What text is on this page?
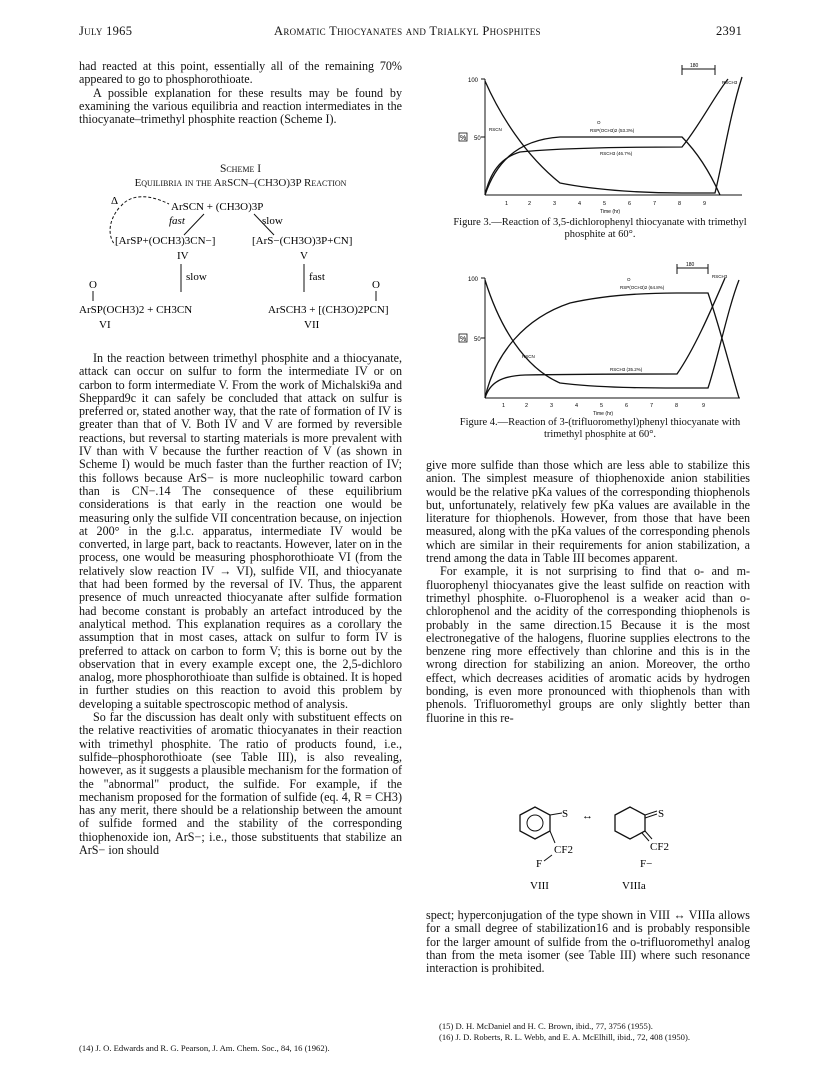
July 1965	Aromatic Thiocyanates and Trialkyl Phosphites	2391

had reacted at this point, essentially all of the remaining 70% appeared to go to phosphorothioate.

A possible explanation for these results may be found by examining the various equilibria and reaction intermediates in the thiocyanate–trimethyl phosphite reaction (Scheme I).

Scheme I
Equilibria in the ArSCN–(CH3O)3P Reaction
Δ	ArSCN + (CH3O)3P
fast	slow
[ArSP+(OCH3)3CN−]	[ArS−(CH3O)3P+CN]
IV	V
slow	fast
O	O
ArSP(OCH3)2 + CH3CN	ArSCH3 + [(CH3O)2PCN]
VI	VII

In the reaction between trimethyl phosphite and a thiocyanate, attack can occur on sulfur to form the intermediate IV or on carbon to form intermediate V. From the work of Michalski9a and Sheppard9c it can safely be concluded that attack on sulfur is preferred or, stated another way, that the rate of formation of IV is greater than that of V. Both IV and V are formed by reversible reactions, but reversal to starting materials is more prevalent with IV than with V because the further reaction of V (as shown in Scheme I) would be much faster than the further reaction of IV; this follows because ArS− is more nucleophilic toward carbon than is CN−.14 The consequence of these equilibrium considerations is that early in the reaction one would be measuring only the sulfide VII concentration because, on injection at 200° in the g.l.c. apparatus, intermediate IV would be converted, in large part, back to reactants. However, later on in the process, one would be measuring phosphorothioate VI (from the relatively slow reaction IV → VI), sulfide VII, and thiocyanate that had been formed by the reversal of IV. Thus, the apparent presence of much unreacted thiocyanate after sulfide formation had become constant is probably an artefact introduced by the analytical method. This explanation requires as a corollary the assumption that in most cases, attack on sulfur to form IV is preferred to attack on carbon to form V; this is borne out by the observation that in every example except one, the 2,5-dichloro analog, more phosphorothioate than sulfide is obtained. It is hoped in further studies on this reaction to avoid this problem by developing a suitable spectroscopic method of analysis.

So far the discussion has dealt only with substituent effects on the relative reactivities of aromatic thiocyanates in their reaction with trimethyl phosphite. The ratio of products found, i.e., sulfide–phosphorothioate (see Table III), is also revealing, however, as it suggests a plausible mechanism for the formation of the "abnormal" product, the sulfide. For example, if the mechanism proposed for the formation of sulfide (eq. 4, R = CH3) has any merit, there should be a relationship between the amount of sulfide formed and the stability of the corresponding thiophenoxide ion, ArS−; i.e., those substituents that stabilize an ArS− ion should

(14) J. O. Edwards and R. G. Pearson, J. Am. Chem. Soc., 84, 16 (1962).
100
50
%
1	2	3	4	5	6	7	8	9
Time (hr)
180
RSCN
RSCH3
O
RSP(OCH3)2 (53.3%)
RSCH3 (46.7%)
Figure 3.—Reaction of 3,5-dichlorophenyl thiocyanate with trimethyl phosphite at 60°.
100
50
%
1	2	3	4	5	6	7	8	9
Time (hr)
180
RSCN
RSCH3
O
RSP(OCH3)2 (64.8%)
RSCH3 (35.2%)
Figure 4.—Reaction of 3-(trifluoromethyl)phenyl thiocyanate with trimethyl phosphite at 60°.

give more sulfide than those which are less able to stabilize this anion. The simplest measure of thiophenoxide anion stabilities would be the relative pKa values of the corresponding thiophenols but, unfortunately, relatively few pKa values are available in the literature for thiophenols. However, from those that have been measured, along with the pKa values of the corresponding phenols which are similar in their requirements for anion stabilization, a trend among the data in Table III becomes apparent.

For example, it is not surprising to find that o- and m-fluorophenyl thiocyanates give the least sulfide on reaction with trimethyl phosphite. o-Fluorophenol is a weaker acid than o-chlorophenol and the acidity of the corresponding thiophenols is probably in the same direction.15 Because it is the most electronegative of the halogens, fluorine supplies electrons to the benzene ring more effectively than chlorine and this is in the wrong direction for stabilizing an anion. Moreover, the ortho effect, which decreases acidities of aromatic acids by hydrogen bonding, is even more pronounced with thiophenols than with phenols. Trifluoromethyl groups are only slightly better than fluorine in this re-

S
CF2
F
VIII
↔	S
CF2
F−
VIIIa

spect; hyperconjugation of the type shown in VIII ↔ VIIIa allows for a small degree of stabilization16 and is probably responsible for the larger amount of sulfide from the o-trifluoromethyl analog than from the meta isomer (see Table III) where such resonance interaction is prohibited.

(15) D. H. McDaniel and H. C. Brown, ibid., 77, 3756 (1955).
(16) J. D. Roberts, R. L. Webb, and E. A. McElhill, ibid., 72, 408 (1950).
